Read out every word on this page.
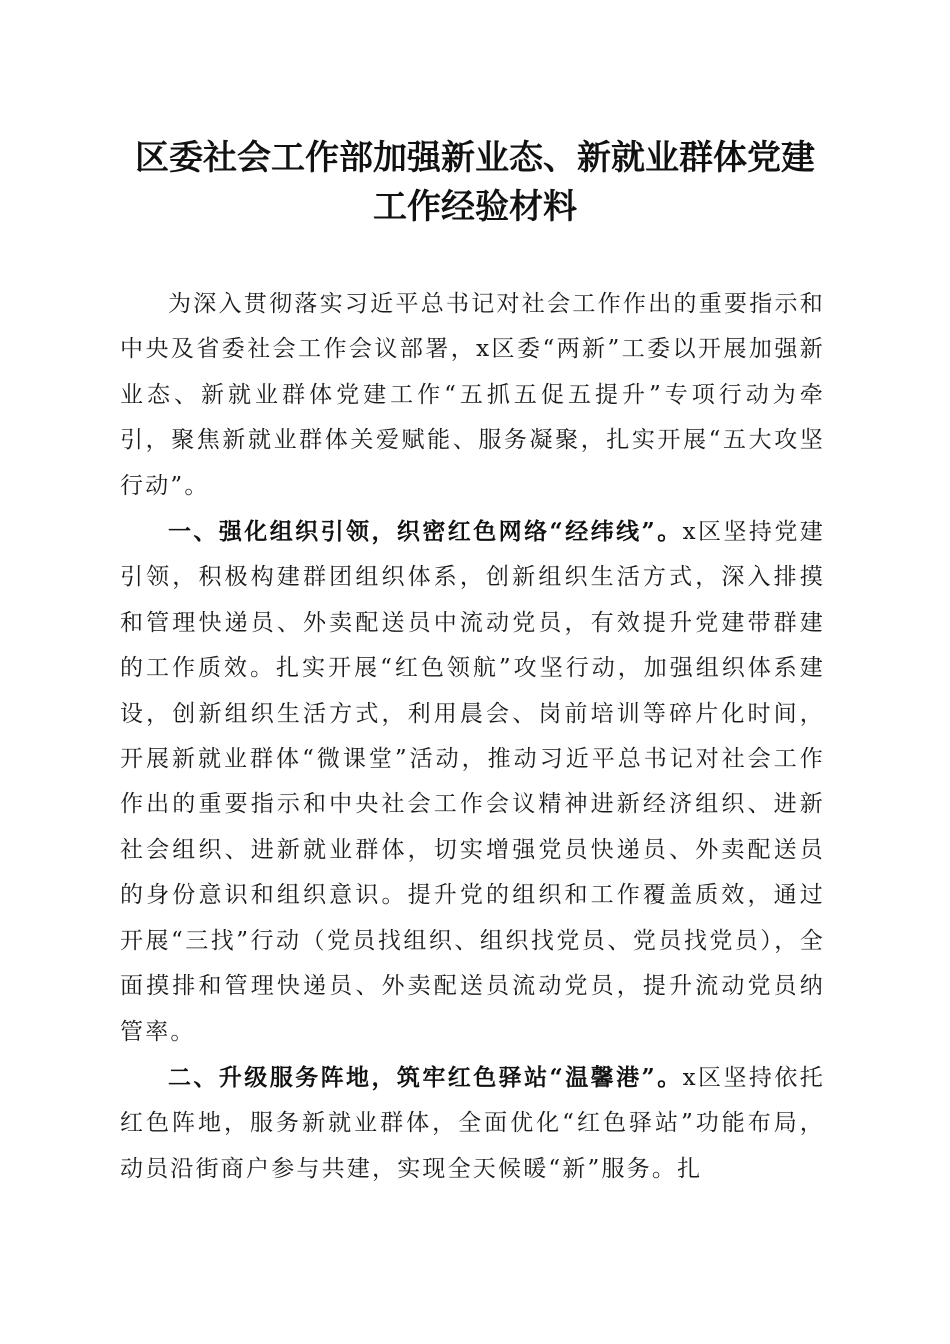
区委社会工作部加强新业态、新就业群体党建
工作经验材料

为深入贯彻落实习近平总书记对社会工作作出的重要指示和中央及省委社会工作会议部署，x区委“两新”工委以开展加强新业态、新就业群体党建工作“五抓五促五提升”专项行动为牵引，聚焦新就业群体关爱赋能、服务凝聚，扎实开展“五大攻坚行动”。

一、强化组织引领，织密红色网络“经纬线”。x区坚持党建引领，积极构建群团组织体系，创新组织生活方式，深入排摸和管理快递员、外卖配送员中流动党员，有效提升党建带群建的工作质效。扎实开展“红色领航”攻坚行动，加强组织体系建设，创新组织生活方式，利用晨会、岗前培训等碎片化时间，开展新就业群体“微课堂”活动，推动习近平总书记对社会工作作出的重要指示和中央社会工作会议精神进新经济组织、进新社会组织、进新就业群体，切实增强党员快递员、外卖配送员的身份意识和组织意识。提升党的组织和工作覆盖质效，通过开展“三找”行动（党员找组织、组织找党员、党员找党员），全面摸排和管理快递员、外卖配送员流动党员，提升流动党员纳管率。

二、升级服务阵地，筑牢红色驿站“温馨港”。x区坚持依托红色阵地，服务新就业群体，全面优化“红色驿站”功能布局，动员沿街商户参与共建，实现全天候暖“新”服务。扎
